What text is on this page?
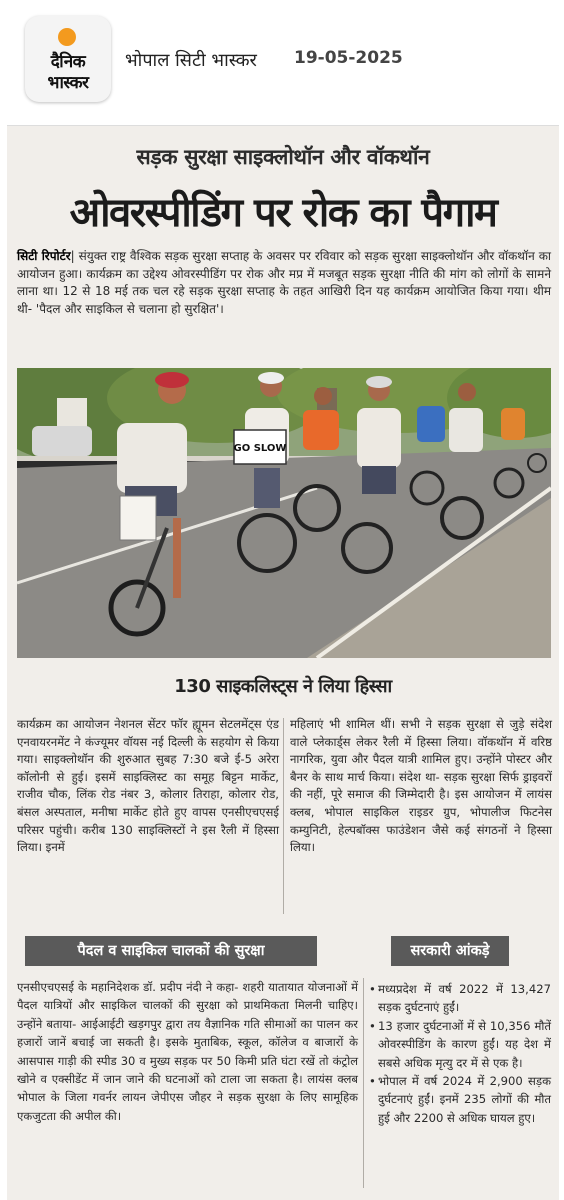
दैनिक
भास्कर
भोपाल सिटी भास्कर 19-05-2025
सड़क सुरक्षा साइक्लोथॉन और वॉकथॉन
ओवरस्पीडिंग पर रोक का पैगाम

सिटी रिपोर्टर| संयुक्त राष्ट्र वैश्विक सड़क सुरक्षा सप्ताह के अवसर पर रविवार को सड़क सुरक्षा साइक्लोथॉन और वॉकथॉन का आयोजन हुआ। कार्यक्रम का उद्देश्य ओवरस्पीडिंग पर रोक और मप्र में मजबूत सड़क सुरक्षा नीति की मांग को लोगों के सामने लाना था। 12 से 18 मई तक चल रहे सड़क सुरक्षा सप्ताह के तहत आखिरी दिन यह कार्यक्रम आयोजित किया गया। थीम थी- 'पैदल और साइकिल से चलाना हो सुरक्षित'।

GO SLOW
130 साइकलिस्ट्स ने लिया हिस्सा

कार्यक्रम का आयोजन नेशनल सेंटर फॉर ह्यूमन सेटलमेंट्स एंड एनवायरनमेंट ने कंज्यूमर वॉयस नई दिल्ली के सहयोग से किया गया। साइक्लोथॉन की शुरुआत सुबह 7:30 बजे ई-5 अरेरा कॉलोनी से हुई। इसमें साइक्लिस्ट का समूह बिट्टन मार्केट, राजीव चौक, लिंक रोड नंबर 3, कोलार तिराहा, कोलार रोड, बंसल अस्पताल, मनीषा मार्केट होते हुए वापस एनसीएचएसई परिसर पहुंची। करीब 130 साइक्लिस्टों ने इस रैली में हिस्सा लिया। इनमें

महिलाएं भी शामिल थीं। सभी ने सड़क सुरक्षा से जुड़े संदेश वाले प्लेकार्ड्स लेकर रैली में हिस्सा लिया। वॉकथॉन में वरिष्ठ नागरिक, युवा और पैदल यात्री शामिल हुए। उन्होंने पोस्टर और बैनर के साथ मार्च किया। संदेश था- सड़क सुरक्षा सिर्फ ड्राइवरों की नहीं, पूरे समाज की जिम्मेदारी है। इस आयोजन में लायंस क्लब, भोपाल साइकिल राइडर ग्रुप, भोपालीज फिटनेस कम्युनिटी, हेल्पबॉक्स फाउंडेशन जैसे कई संगठनों ने हिस्सा लिया।

पैदल व साइकिल चालकों की सुरक्षा	सरकारी आंकड़े

एनसीएचएसई के महानिदेशक डॉ. प्रदीप नंदी ने कहा- शहरी यातायात योजनाओं में पैदल यात्रियों और साइकिल चालकों की सुरक्षा को प्राथमिकता मिलनी चाहिए। उन्होंने बताया- आईआईटी खड़गपुर द्वारा तय वैज्ञानिक गति सीमाओं का पालन कर हजारों जानें बचाई जा सकती है। इसके मुताबिक, स्कूल, कॉलेज व बाजारों के आसपास गाड़ी की स्पीड 30 व मुख्य सड़क पर 50 किमी प्रति घंटा रखें तो कंट्रोल खोने व एक्सीडेंट में जान जाने की घटनाओं को टाला जा सकता है। लायंस क्लब भोपाल के जिला गवर्नर लायन जेपीएस जौहर ने सड़क सुरक्षा के लिए सामूहिक एकजुटता की अपील की।

• मध्यप्रदेश में वर्ष 2022 में 13,427 सड़क दुर्घटनाएं हुईं।
• 13 हजार दुर्घटनाओं में से 10,356 मौतें ओवरस्पीडिंग के कारण हुईं। यह देश में सबसे अधिक मृत्यु दर में से एक है।
• भोपाल में वर्ष 2024 में 2,900 सड़क दुर्घटनाएं हुईं। इनमें 235 लोगों की मौत हुई और 2200 से अधिक घायल हुए।
